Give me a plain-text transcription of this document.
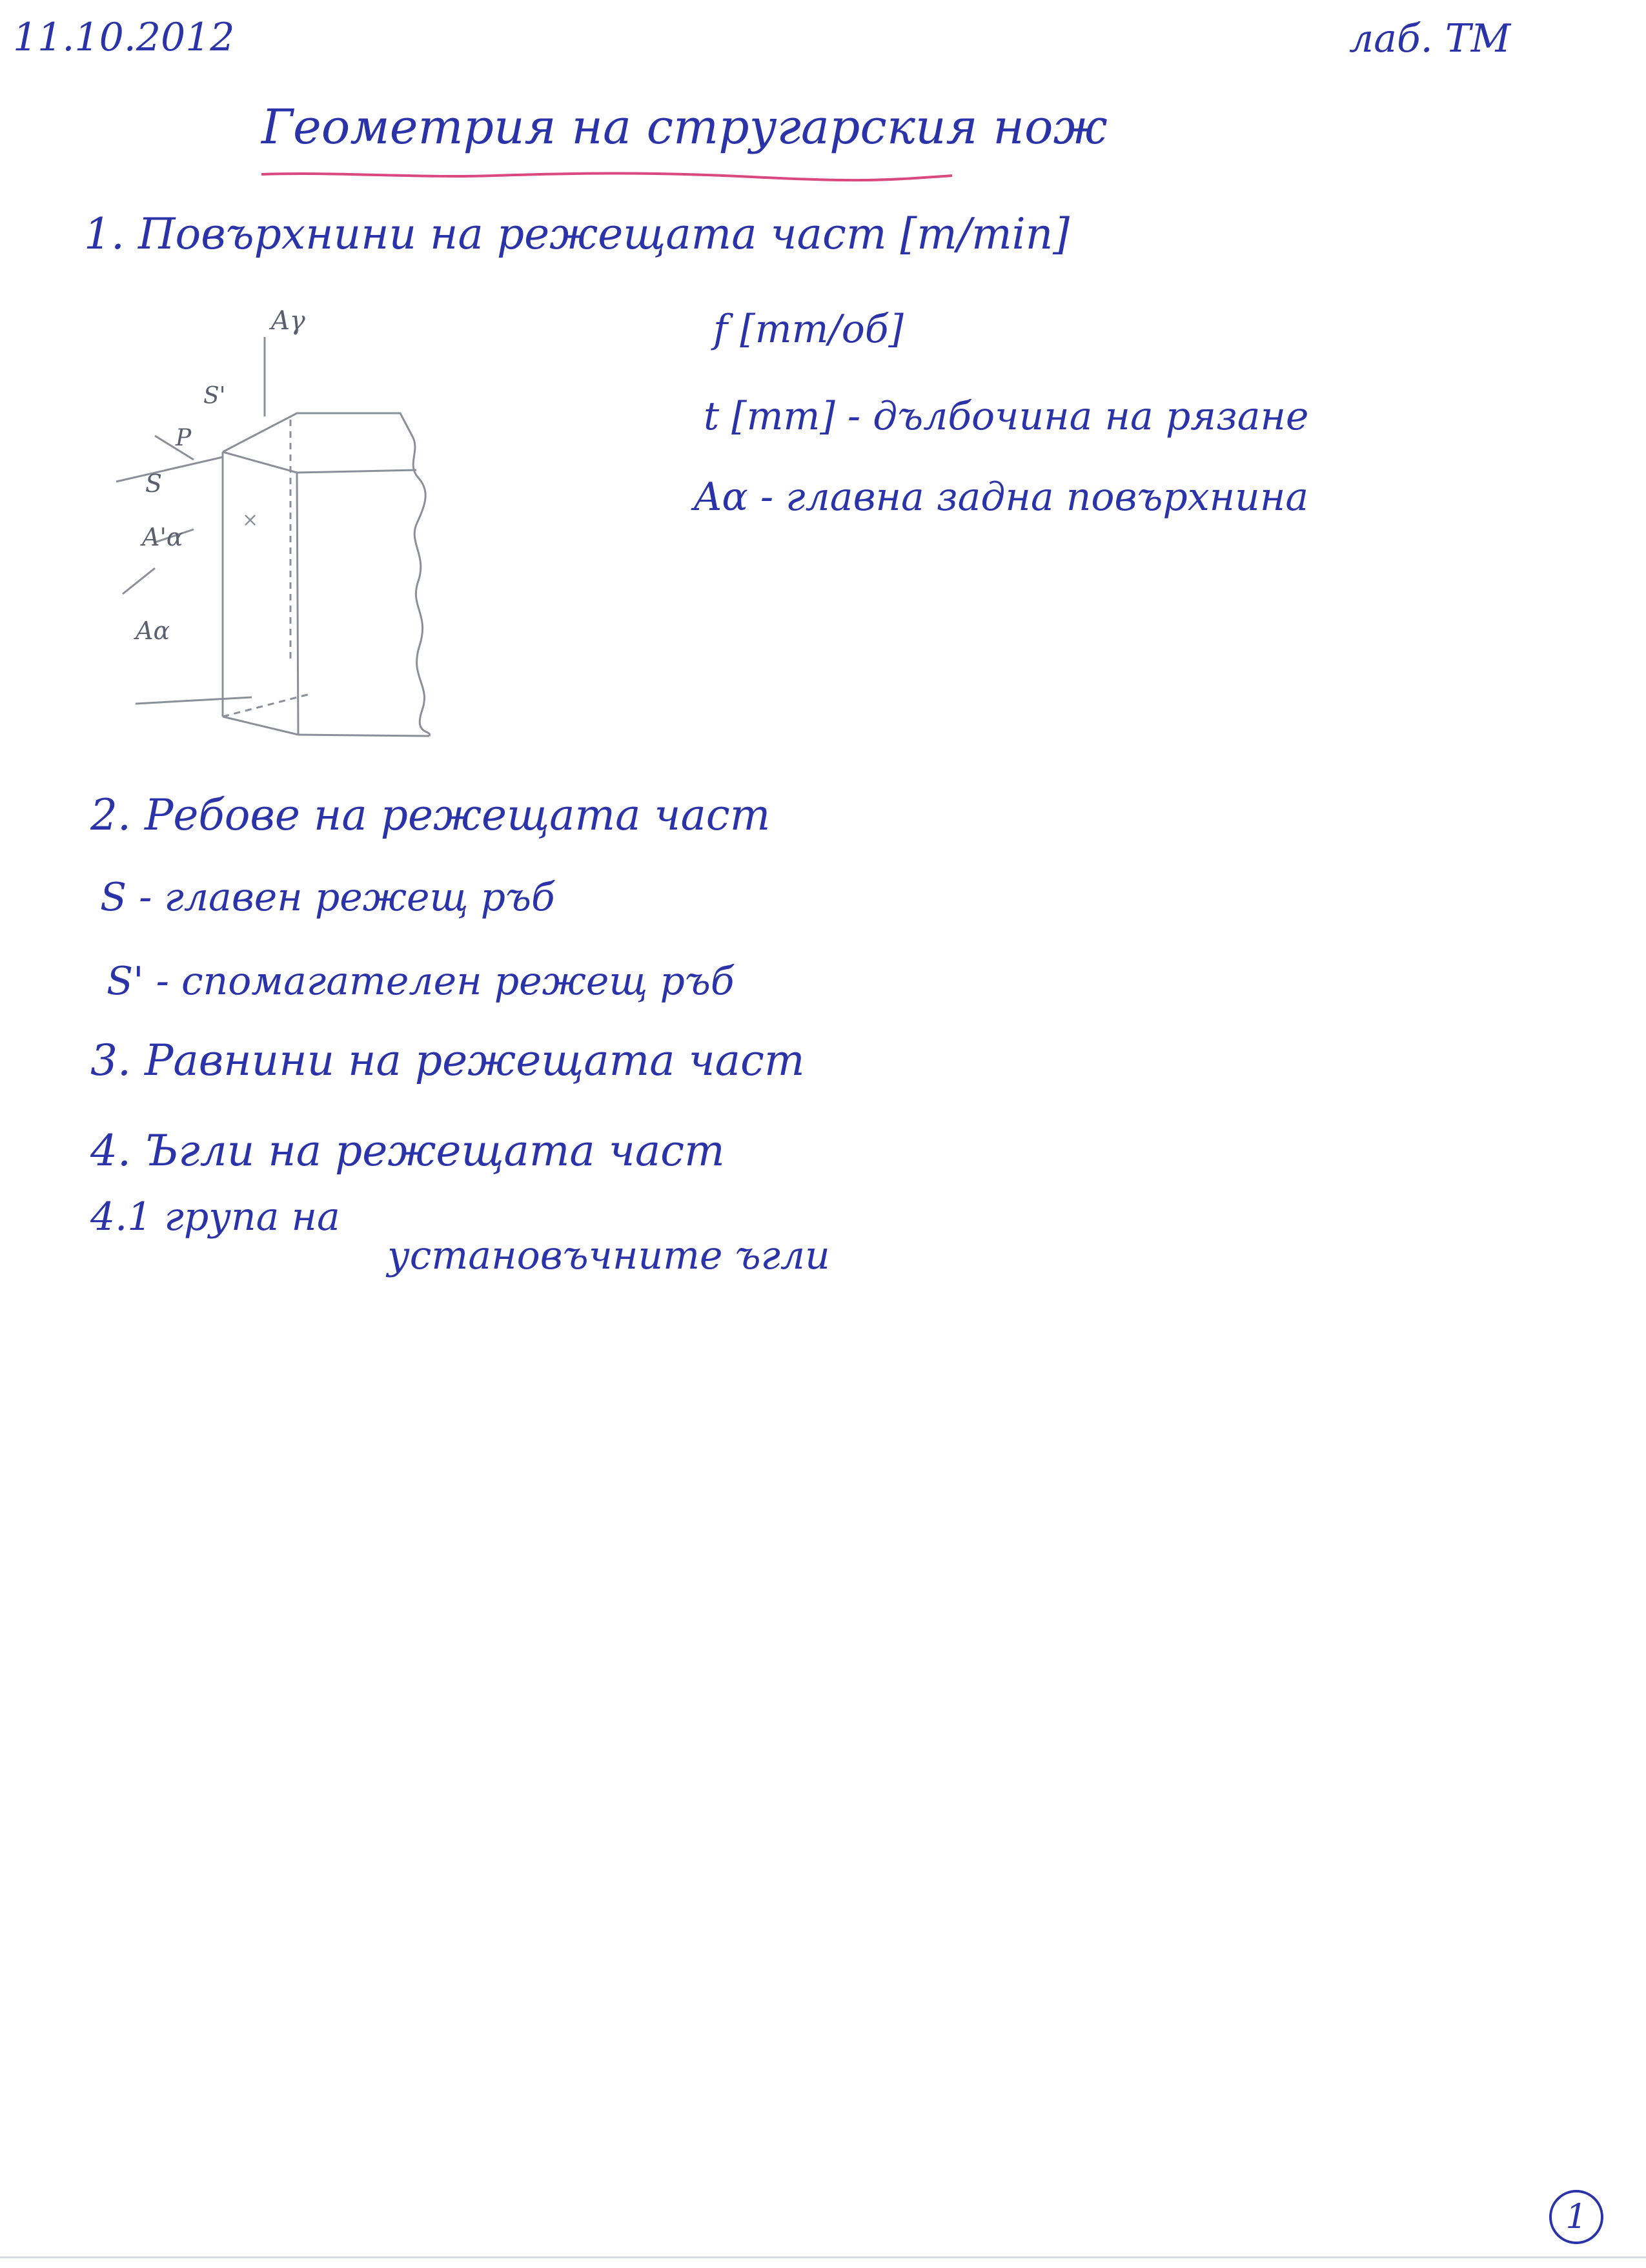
11.10.2012	лаб. ТМ
Геометрия на стругарския нож
1. Повърхнини на режещата част [m/min]
f [mm/об]
t [mm] - дълбочина на рязане
Aα - главна задна повърхнина
Aγ
S'
P
S
A'α
Aα
×
2. Ребове на режещата част
S - главен режещ ръб
S' - спомагателен режещ ръб
3. Равнини на режещата част
4. Ъгли на режещата част
4.1 група на
установъчните ъгли
1
